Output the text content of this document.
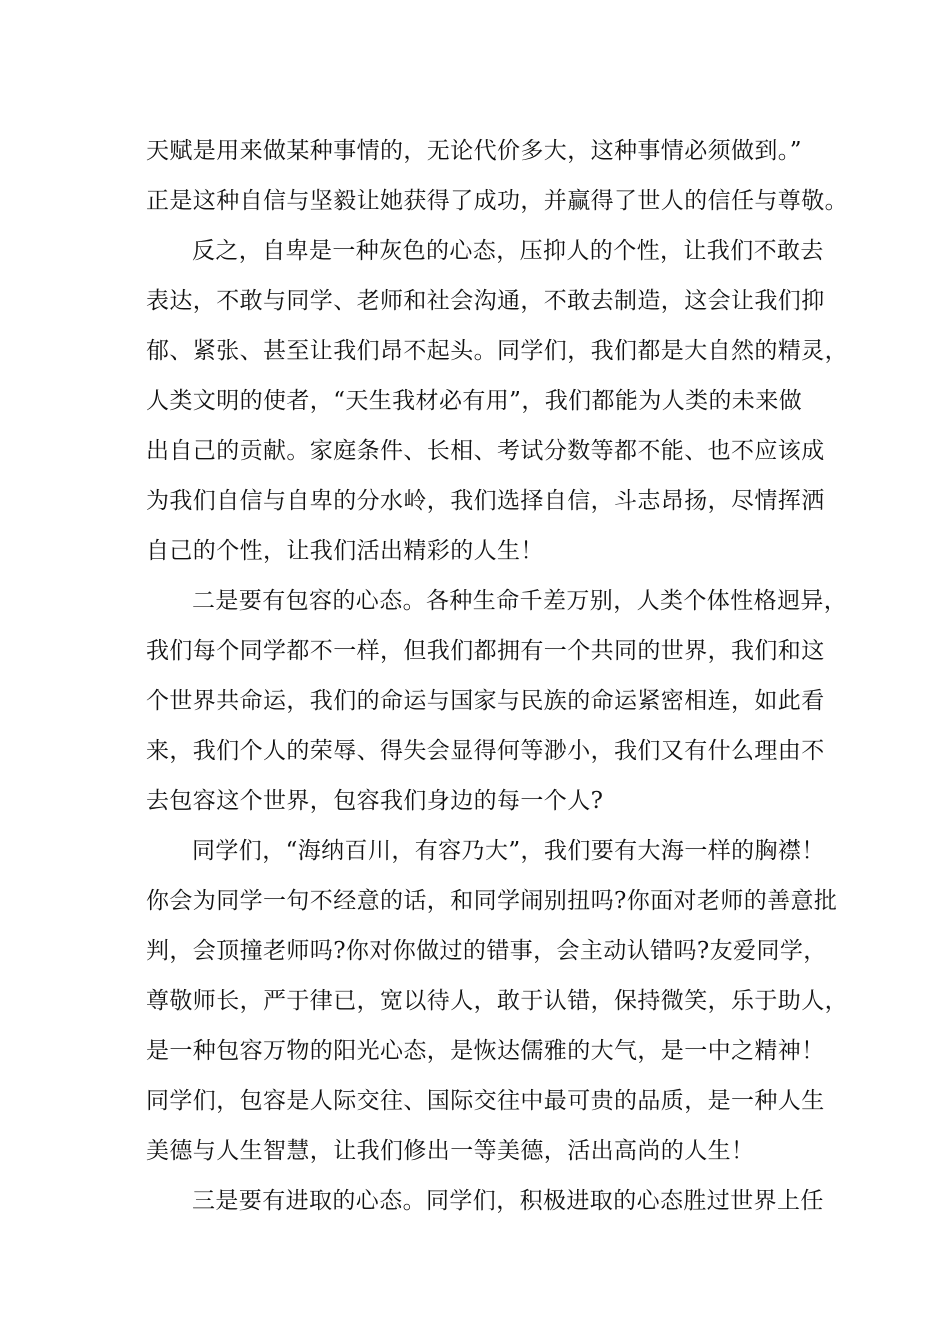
天赋是用来做某种事情的，无论代价多大，这种事情必须做到。”
正是这种自信与坚毅让她获得了成功，并赢得了世人的信任与尊敬。
反之，自卑是一种灰色的心态，压抑人的个性，让我们不敢去
表达，不敢与同学、老师和社会沟通，不敢去制造，这会让我们抑
郁、紧张、甚至让我们昂不起头。同学们，我们都是大自然的精灵，
人类文明的使者，“天生我材必有用”，我们都能为人类的未来做
出自己的贡献。家庭条件、长相、考试分数等都不能、也不应该成
为我们自信与自卑的分水岭，我们选择自信，斗志昂扬，尽情挥洒
自己的个性，让我们活出精彩的人生！
二是要有包容的心态。各种生命千差万别，人类个体性格迥异，
我们每个同学都不一样，但我们都拥有一个共同的世界，我们和这
个世界共命运，我们的命运与国家与民族的命运紧密相连，如此看
来，我们个人的荣辱、得失会显得何等渺小，我们又有什么理由不
去包容这个世界，包容我们身边的每一个人?
同学们，“海纳百川，有容乃大”，我们要有大海一样的胸襟！
你会为同学一句不经意的话，和同学闹别扭吗?你面对老师的善意批
判，会顶撞老师吗?你对你做过的错事，会主动认错吗?友爱同学，
尊敬师长，严于律已，宽以待人，敢于认错，保持微笑，乐于助人，
是一种包容万物的阳光心态，是恢达儒雅的大气，是一中之精神！
同学们，包容是人际交往、国际交往中最可贵的品质，是一种人生
美德与人生智慧，让我们修出一等美德，活出高尚的人生！
三是要有进取的心态。同学们，积极进取的心态胜过世界上任
